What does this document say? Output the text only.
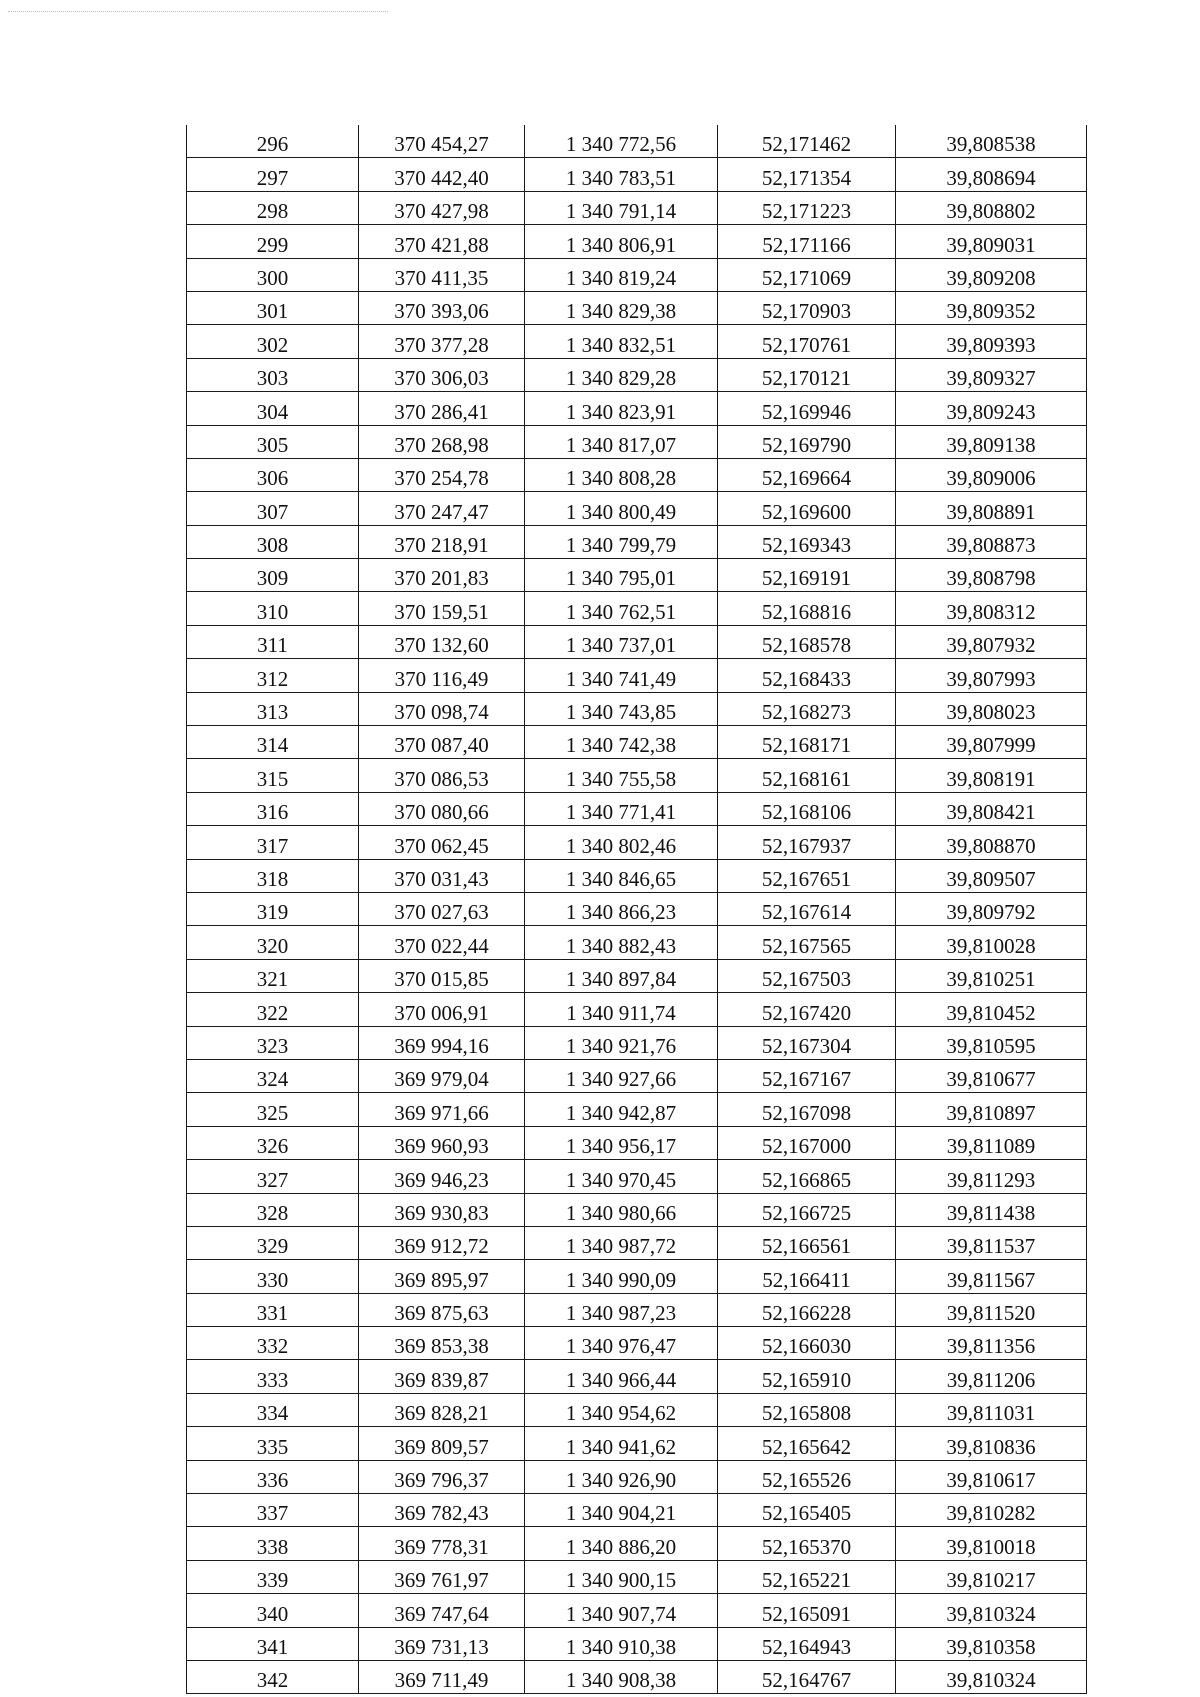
296	370 454,27	1 340 772,56	52,171462	39,808538
297	370 442,40	1 340 783,51	52,171354	39,808694
298	370 427,98	1 340 791,14	52,171223	39,808802
299	370 421,88	1 340 806,91	52,171166	39,809031
300	370 411,35	1 340 819,24	52,171069	39,809208
301	370 393,06	1 340 829,38	52,170903	39,809352
302	370 377,28	1 340 832,51	52,170761	39,809393
303	370 306,03	1 340 829,28	52,170121	39,809327
304	370 286,41	1 340 823,91	52,169946	39,809243
305	370 268,98	1 340 817,07	52,169790	39,809138
306	370 254,78	1 340 808,28	52,169664	39,809006
307	370 247,47	1 340 800,49	52,169600	39,808891
308	370 218,91	1 340 799,79	52,169343	39,808873
309	370 201,83	1 340 795,01	52,169191	39,808798
310	370 159,51	1 340 762,51	52,168816	39,808312
311	370 132,60	1 340 737,01	52,168578	39,807932
312	370 116,49	1 340 741,49	52,168433	39,807993
313	370 098,74	1 340 743,85	52,168273	39,808023
314	370 087,40	1 340 742,38	52,168171	39,807999
315	370 086,53	1 340 755,58	52,168161	39,808191
316	370 080,66	1 340 771,41	52,168106	39,808421
317	370 062,45	1 340 802,46	52,167937	39,808870
318	370 031,43	1 340 846,65	52,167651	39,809507
319	370 027,63	1 340 866,23	52,167614	39,809792
320	370 022,44	1 340 882,43	52,167565	39,810028
321	370 015,85	1 340 897,84	52,167503	39,810251
322	370 006,91	1 340 911,74	52,167420	39,810452
323	369 994,16	1 340 921,76	52,167304	39,810595
324	369 979,04	1 340 927,66	52,167167	39,810677
325	369 971,66	1 340 942,87	52,167098	39,810897
326	369 960,93	1 340 956,17	52,167000	39,811089
327	369 946,23	1 340 970,45	52,166865	39,811293
328	369 930,83	1 340 980,66	52,166725	39,811438
329	369 912,72	1 340 987,72	52,166561	39,811537
330	369 895,97	1 340 990,09	52,166411	39,811567
331	369 875,63	1 340 987,23	52,166228	39,811520
332	369 853,38	1 340 976,47	52,166030	39,811356
333	369 839,87	1 340 966,44	52,165910	39,811206
334	369 828,21	1 340 954,62	52,165808	39,811031
335	369 809,57	1 340 941,62	52,165642	39,810836
336	369 796,37	1 340 926,90	52,165526	39,810617
337	369 782,43	1 340 904,21	52,165405	39,810282
338	369 778,31	1 340 886,20	52,165370	39,810018
339	369 761,97	1 340 900,15	52,165221	39,810217
340	369 747,64	1 340 907,74	52,165091	39,810324
341	369 731,13	1 340 910,38	52,164943	39,810358
342	369 711,49	1 340 908,38	52,164767	39,810324
